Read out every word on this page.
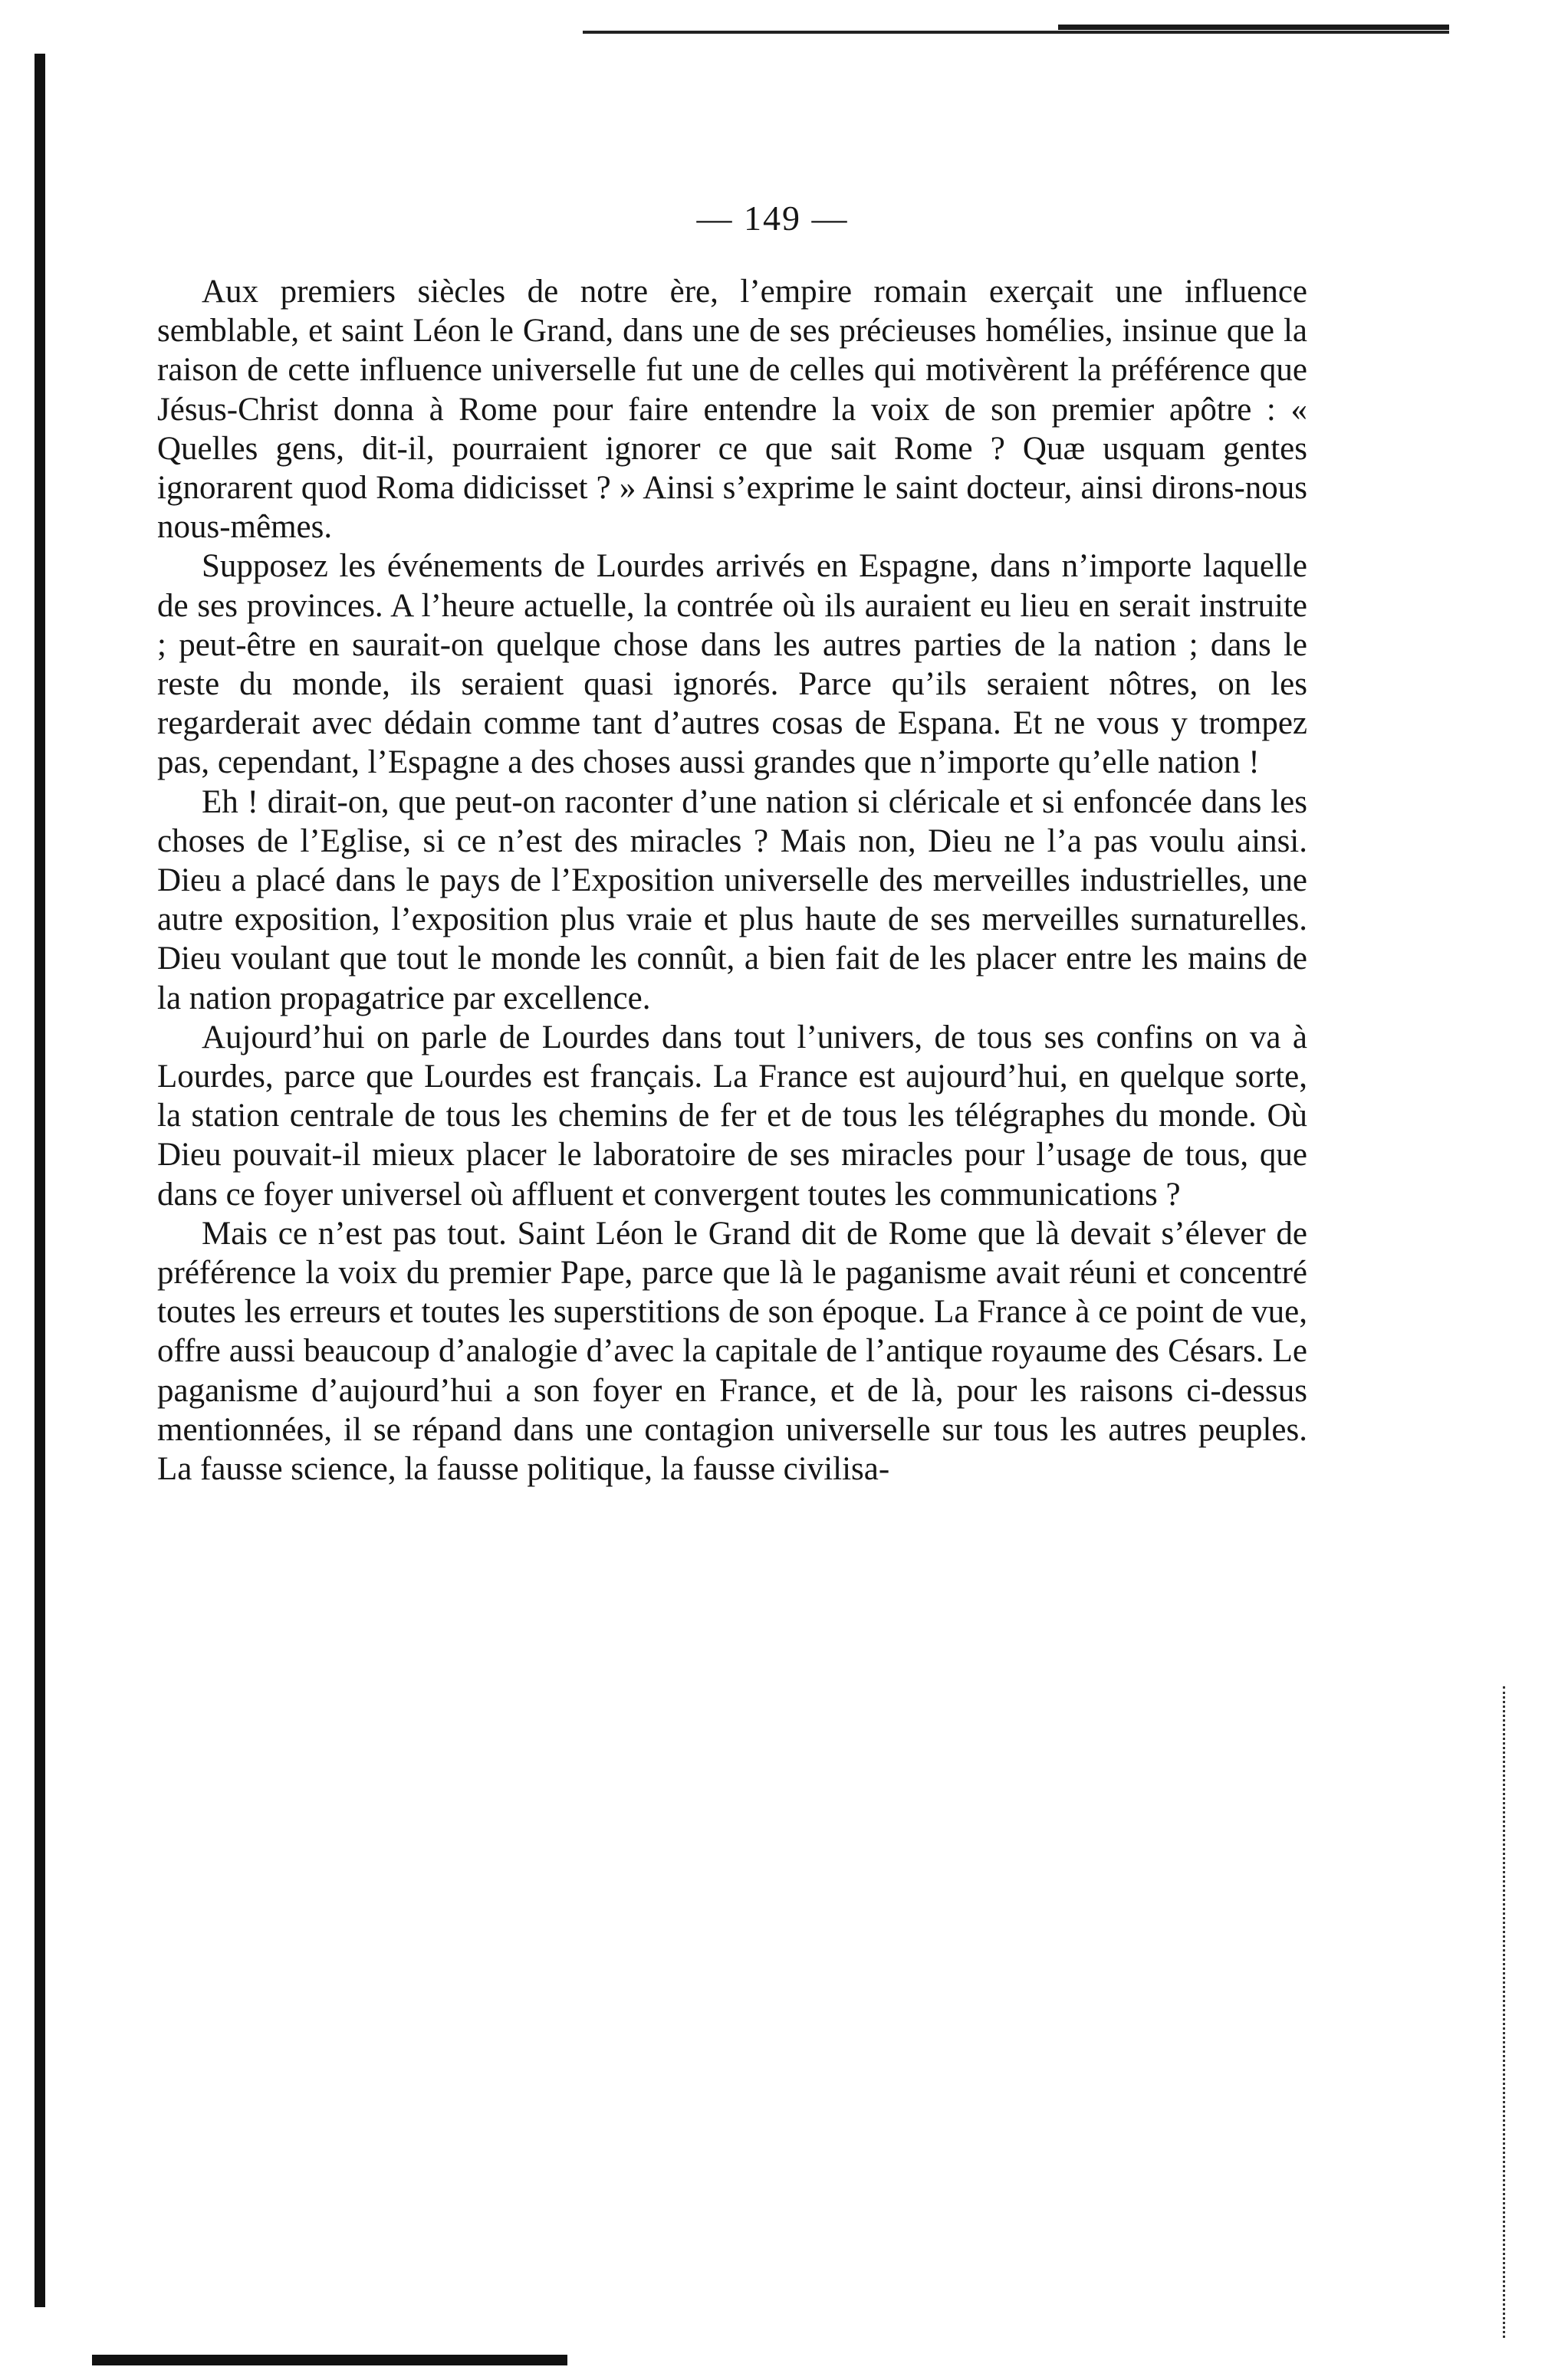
— 149 —

Aux premiers siècles de notre ère, l’empire romain exerçait une influence semblable, et saint Léon le Grand, dans une de ses précieuses homélies, insinue que la raison de cette influence universelle fut une de celles qui motivèrent la préférence que Jésus-Christ donna à Rome pour faire entendre la voix de son premier apôtre : « Quelles gens, dit-il, pourraient ignorer ce que sait Rome ? Quæ usquam gentes ignorarent quod Roma didicisset ? » Ainsi s’exprime le saint docteur, ainsi dirons-nous nous-mêmes.

Supposez les événements de Lourdes arrivés en Espagne, dans n’importe laquelle de ses provinces. A l’heure actuelle, la contrée où ils auraient eu lieu en serait instruite ; peut-être en saurait-on quelque chose dans les autres parties de la nation ; dans le reste du monde, ils seraient quasi ignorés. Parce qu’ils seraient nôtres, on les regarderait avec dédain comme tant d’autres cosas de Espana. Et ne vous y trompez pas, cependant, l’Espagne a des choses aussi grandes que n’importe qu’elle nation !

Eh ! dirait-on, que peut-on raconter d’une nation si cléricale et si enfoncée dans les choses de l’Eglise, si ce n’est des miracles ? Mais non, Dieu ne l’a pas voulu ainsi. Dieu a placé dans le pays de l’Exposition universelle des merveilles industrielles, une autre exposition, l’exposition plus vraie et plus haute de ses merveilles surnaturelles. Dieu voulant que tout le monde les connût, a bien fait de les placer entre les mains de la nation propagatrice par excellence.

Aujourd’hui on parle de Lourdes dans tout l’univers, de tous ses confins on va à Lourdes, parce que Lourdes est français. La France est aujourd’hui, en quelque sorte, la station centrale de tous les chemins de fer et de tous les télégraphes du monde. Où Dieu pouvait-il mieux placer le laboratoire de ses miracles pour l’usage de tous, que dans ce foyer universel où affluent et convergent toutes les communications ?

Mais ce n’est pas tout. Saint Léon le Grand dit de Rome que là devait s’élever de préférence la voix du premier Pape, parce que là le paganisme avait réuni et concentré toutes les erreurs et toutes les superstitions de son époque. La France à ce point de vue, offre aussi beaucoup d’analogie d’avec la capitale de l’antique royaume des Césars. Le paganisme d’aujourd’hui a son foyer en France, et de là, pour les raisons ci-dessus mentionnées, il se répand dans une contagion universelle sur tous les autres peuples. La fausse science, la fausse politique, la fausse civilisa-
